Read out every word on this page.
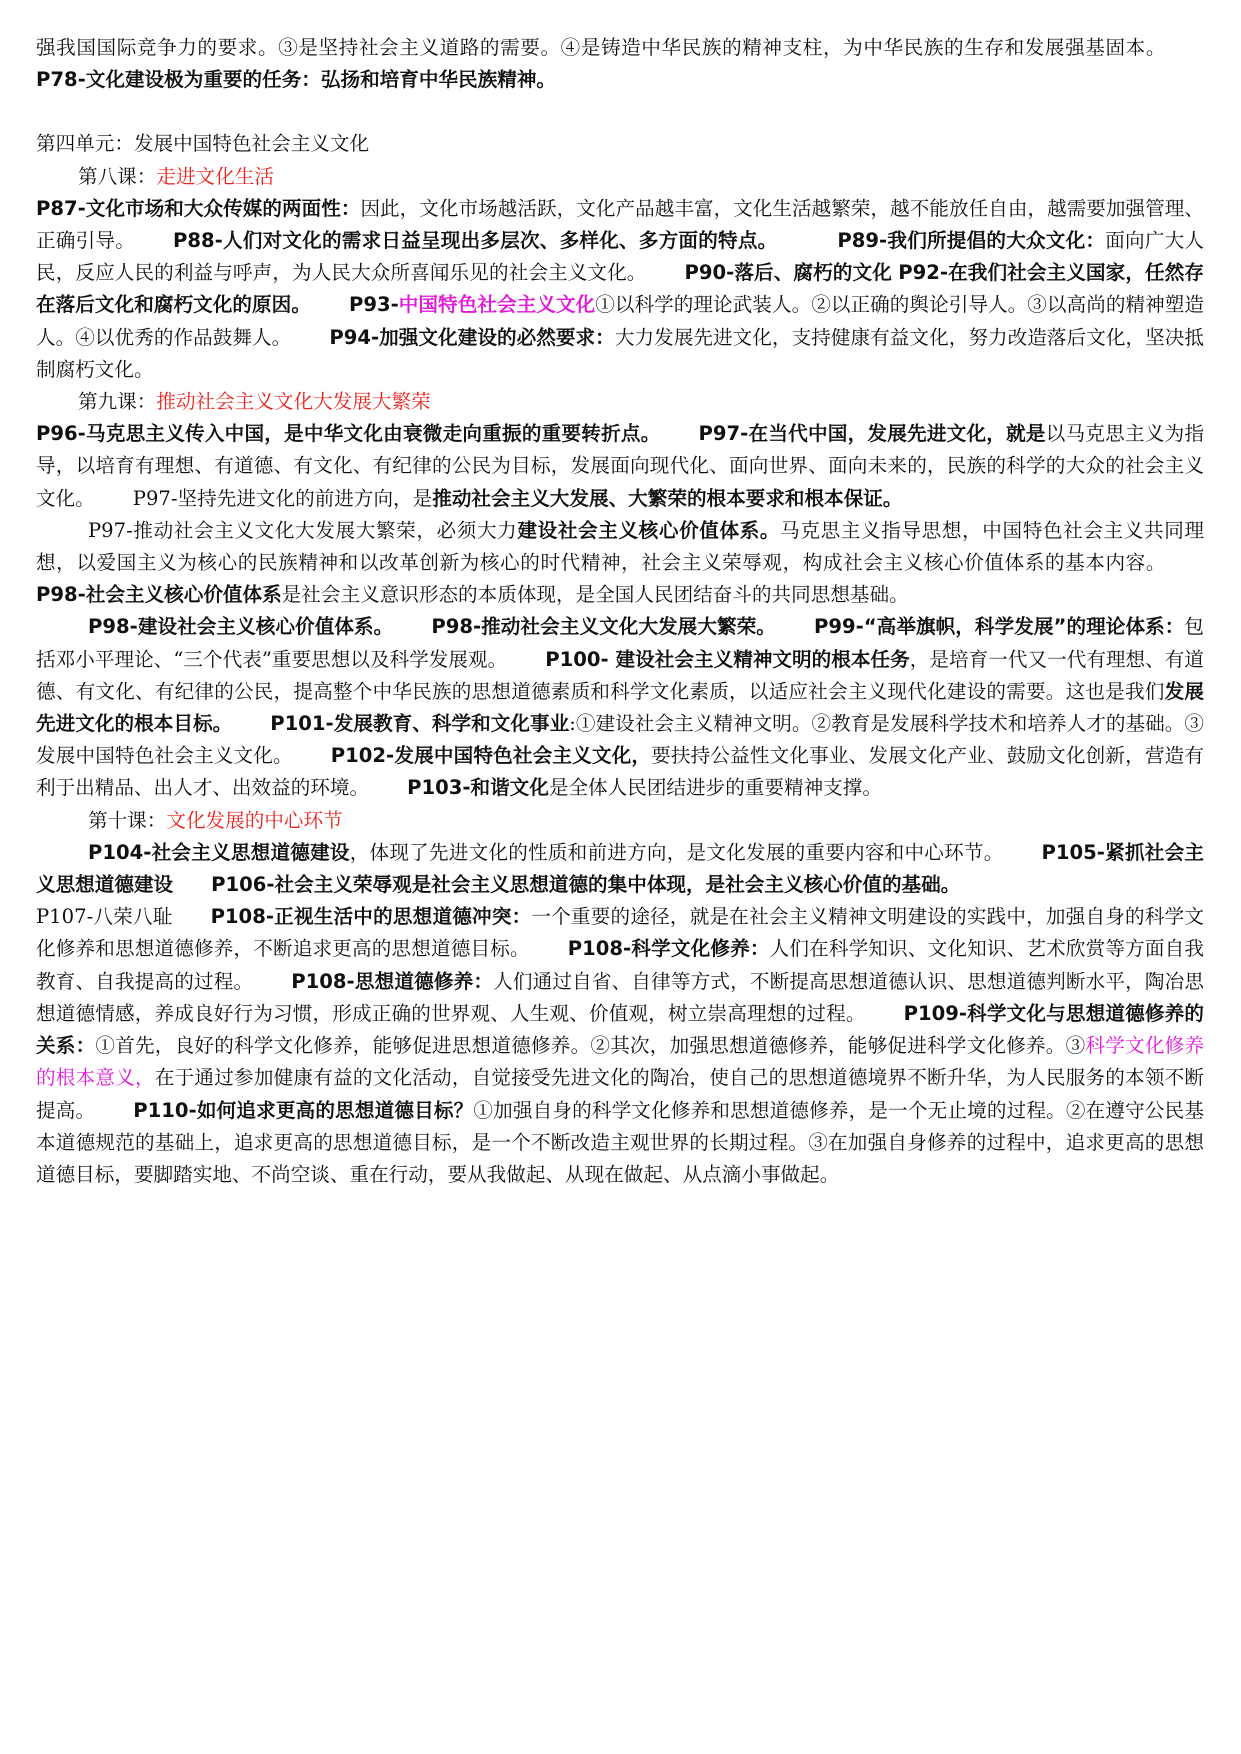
强我国国际竞争力的要求。③是坚持社会主义道路的需要。④是铸造中华民族的精神支柱，为中华民族的生存和发展强基固本。P78-文化建设极为重要的任务：弘扬和培育中华民族精神。

第四单元：发展中国特色社会主义文化

第八课：走进文化生活

P87-文化市场和大众传媒的两面性：因此，文化市场越活跃，文化产品越丰富，文化生活越繁荣，越不能放任自由，越需要加强管理、正确引导。 P88-人们对文化的需求日益呈现出多层次、多样化、多方面的特点。	P89-我们所提倡的大众文化：面向广大人民，反应人民的利益与呼声，为人民大众所喜闻乐见的社会主义文化。 P90-落后、腐朽的文化 P92-在我们社会主义国家，任然存在落后文化和腐朽文化的原因。 P93-中国特色社会主义文化①以科学的理论武装人。②以正确的舆论引导人。③以高尚的精神塑造人。④以优秀的作品鼓舞人。 P94-加强文化建设的必然要求：大力发展先进文化，支持健康有益文化，努力改造落后文化，坚决抵制腐朽文化。

第九课：推动社会主义文化大发展大繁荣

P96-马克思主义传入中国，是中华文化由衰微走向重振的重要转折点。 P97-在当代中国，发展先进文化，就是以马克思主义为指导，以培育有理想、有道德、有文化、有纪律的公民为目标，发展面向现代化、面向世界、面向未来的，民族的科学的大众的社会主义文化。 P97-坚持先进文化的前进方向，是推动社会主义大发展、大繁荣的根本要求和根本保证。

P97-推动社会主义文化大发展大繁荣，必须大力建设社会主义核心价值体系。马克思主义指导思想，中国特色社会主义共同理想，以爱国主义为核心的民族精神和以改革创新为核心的时代精神，社会主义荣辱观，构成社会主义核心价值体系的基本内容。P98-社会主义核心价值体系是社会主义意识形态的本质体现，是全国人民团结奋斗的共同思想基础。

P98-建设社会主义核心价值体系。 P98-推动社会主义文化大发展大繁荣。 P99-“高举旗帜，科学发展”的理论体系：包括邓小平理论、“三个代表”重要思想以及科学发展观。 P100- 建设社会主义精神文明的根本任务，是培育一代又一代有理想、有道德、有文化、有纪律的公民，提高整个中华民族的思想道德素质和科学文化素质，以适应社会主义现代化建设的需要。这也是我们发展先进文化的根本目标。 P101-发展教育、科学和文化事业:①建设社会主义精神文明。②教育是发展科学技术和培养人才的基础。③发展中国特色社会主义文化。 P102-发展中国特色社会主义文化，要扶持公益性文化事业、发展文化产业、鼓励文化创新，营造有利于出精品、出人才、出效益的环境。 P103-和谐文化是全体人民团结进步的重要精神支撑。

第十课：文化发展的中心环节

P104-社会主义思想道德建设，体现了先进文化的性质和前进方向，是文化发展的重要内容和中心环节。 P105-紧抓社会主义思想道德建设 P106-社会主义荣辱观是社会主义思想道德的集中体现，是社会主义核心价值的基础。

P107-八荣八耻 P108-正视生活中的思想道德冲突：一个重要的途径，就是在社会主义精神文明建设的实践中，加强自身的科学文化修养和思想道德修养，不断追求更高的思想道德目标。 P108-科学文化修养：人们在科学知识、文化知识、艺术欣赏等方面自我教育、自我提高的过程。 P108-思想道德修养：人们通过自省、自律等方式，不断提高思想道德认识、思想道德判断水平，陶冶思想道德情感，养成良好行为习惯，形成正确的世界观、人生观、价值观，树立崇高理想的过程。 P109-科学文化与思想道德修养的关系：①首先，良好的科学文化修养，能够促进思想道德修养。②其次，加强思想道德修养，能够促进科学文化修养。③科学文化修养的根本意义，在于通过参加健康有益的文化活动，自觉接受先进文化的陶冶，使自己的思想道德境界不断升华，为人民服务的本领不断提高。 P110-如何追求更高的思想道德目标？①加强自身的科学文化修养和思想道德修养，是一个无止境的过程。②在遵守公民基本道德规范的基础上，追求更高的思想道德目标，是一个不断改造主观世界的长期过程。③在加强自身修养的过程中，追求更高的思想道德目标，要脚踏实地、不尚空谈、重在行动，要从我做起、从现在做起、从点滴小事做起。
